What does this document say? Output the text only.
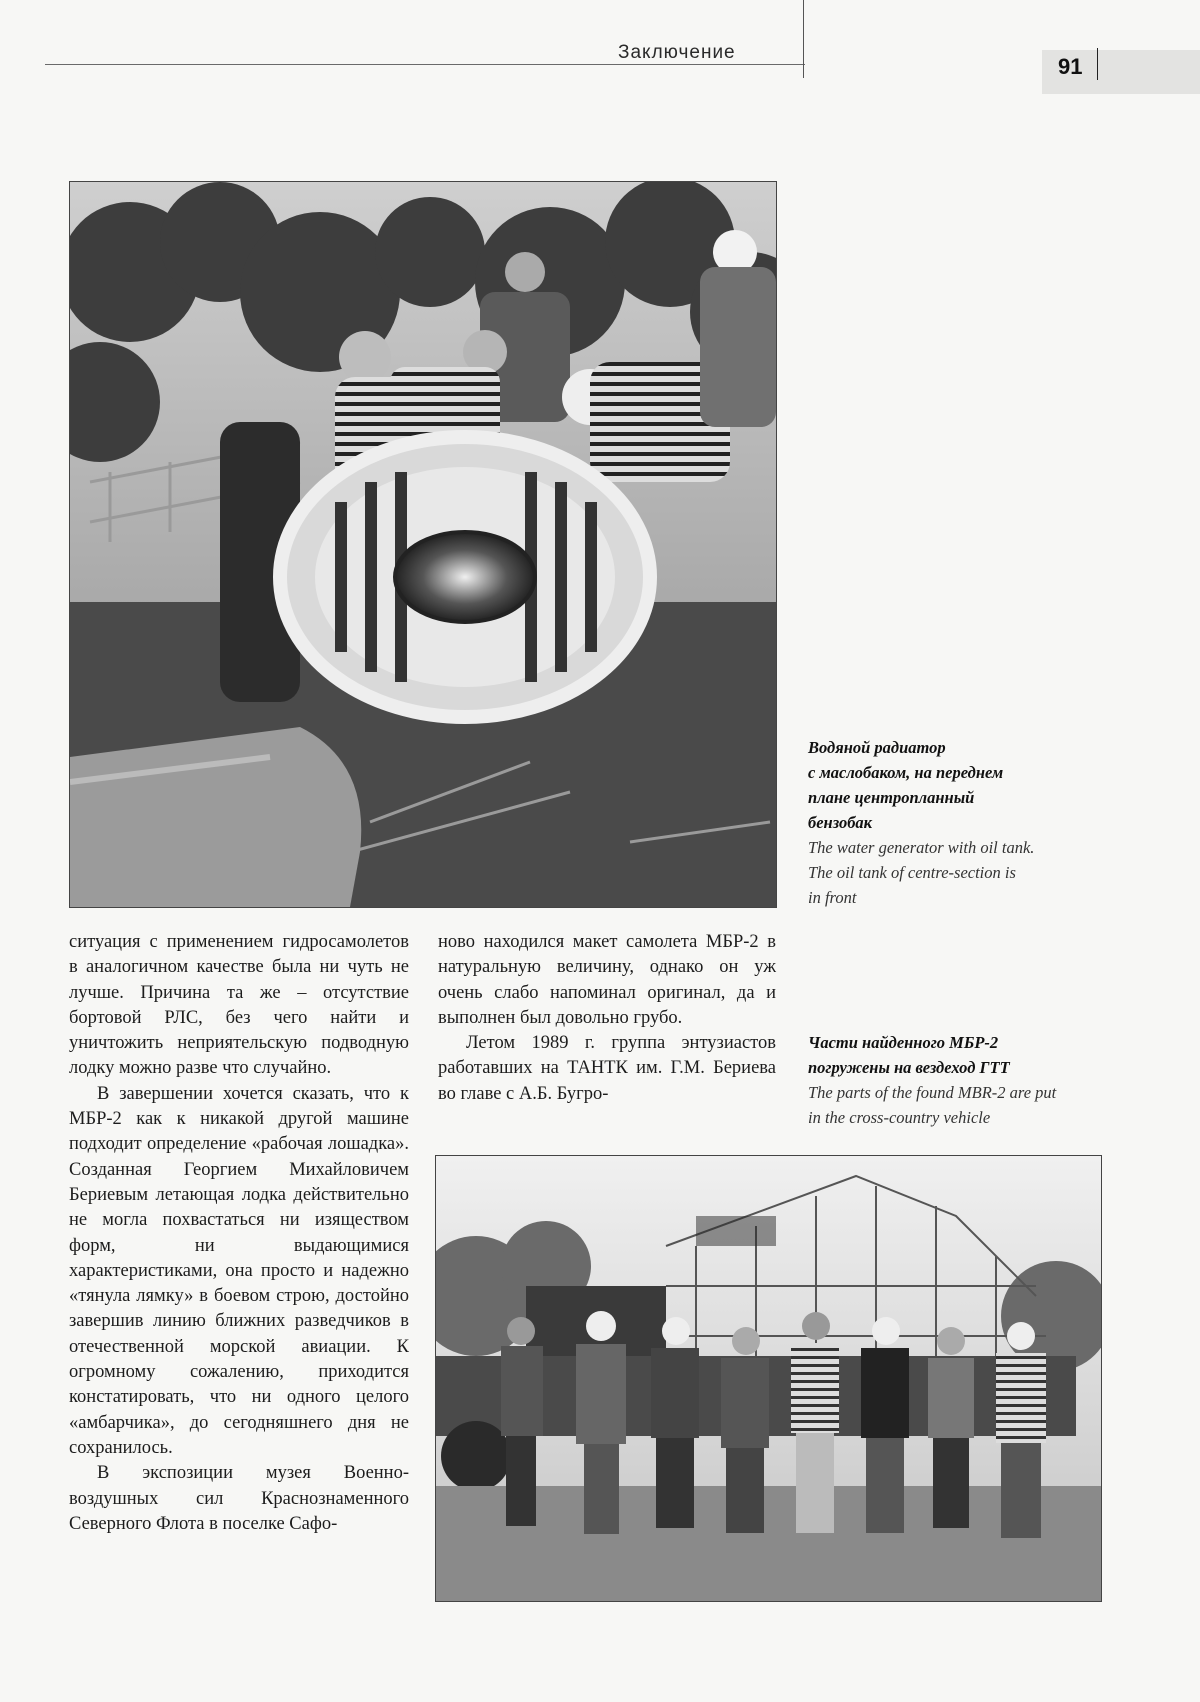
Заключение
91
Водяной радиатор
с маслобаком, на переднем
плане центропланный
бензобак
The water generator with oil tank.
The oil tank of centre-section is
in front
Части найденного МБР-2
погружены на вездеход ГТТ
The parts of the found MBR-2 are put
in the cross-country vehicle

ситуация с применением гидросамолетов в аналогичном качестве была ни чуть не лучше. Причина та же – отсутствие бортовой РЛС, без чего найти и уничтожить неприятельскую подводную лодку можно разве что случайно.

В завершении хочется сказать, что к МБР-2 как к никакой другой машине подходит определение «рабочая лошадка». Созданная Георгием Михайловичем Бериевым летающая лодка действительно не могла похвастаться ни изяществом форм, ни выдающимися характеристиками, она просто и надежно «тянула лямку» в боевом строю, достойно завершив линию ближних разведчиков в отечественной морской авиации. К огромному сожалению, приходится констатировать, что ни одного целого «амбарчика», до сегодняшнего дня не сохранилось.

В экспозиции музея Военно-воздушных сил Краснознаменного Северного Флота в поселке Сафо-

ново находился макет самолета МБР-2 в натуральную величину, однако он уж очень слабо напоминал оригинал, да и выполнен был довольно грубо.

Летом 1989 г. группа энтузиастов работавших на ТАНТК им. Г.М. Бериева во главе с А.Б. Бугро-
